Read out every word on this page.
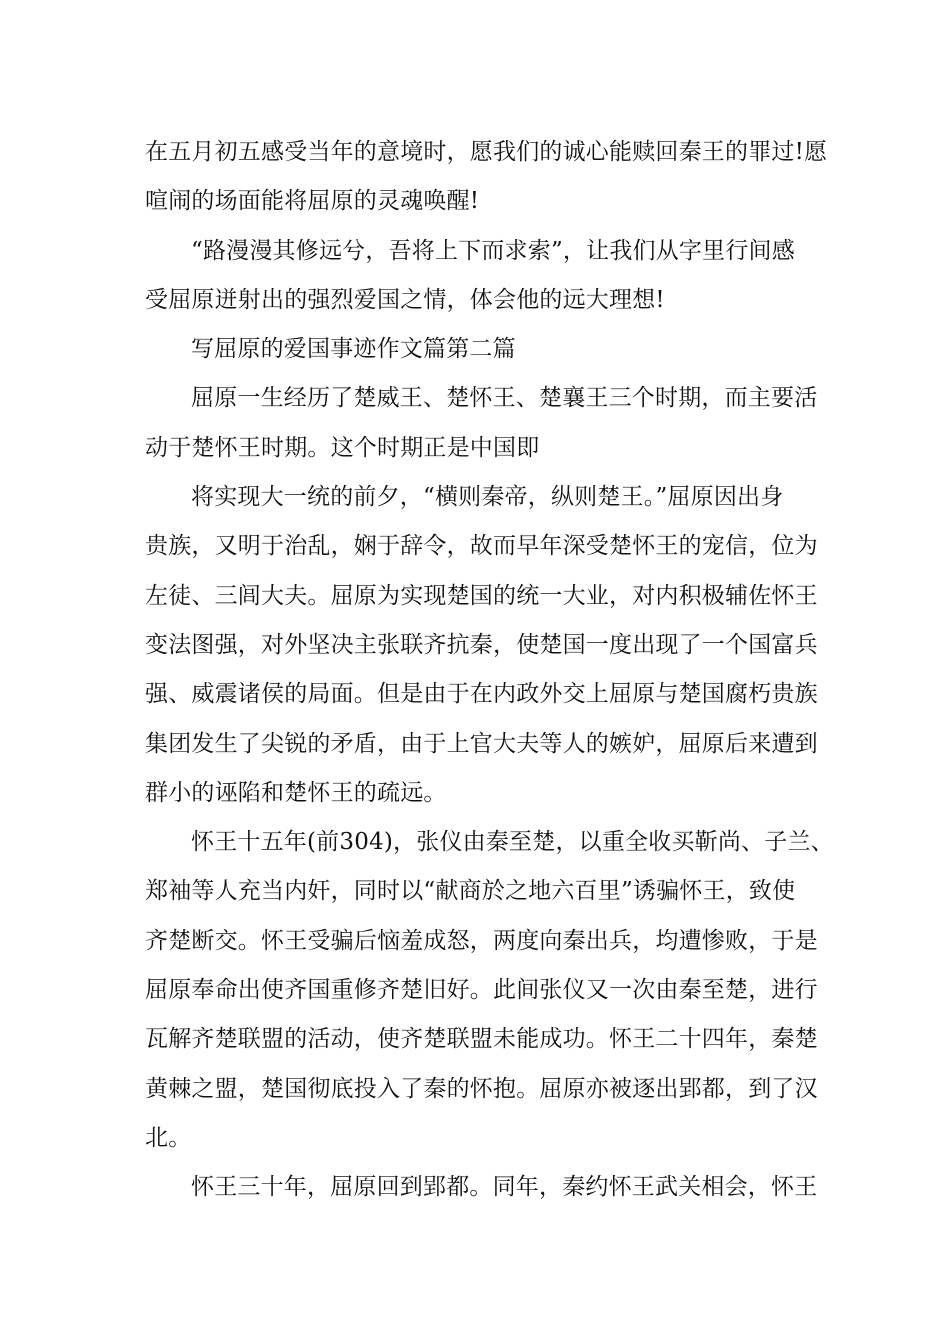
在五月初五感受当年的意境时，愿我们的诚心能赎回秦王的罪过!愿
喧闹的场面能将屈原的灵魂唤醒!
“路漫漫其修远兮，吾将上下而求索”，让我们从字里行间感
受屈原迸射出的强烈爱国之情，体会他的远大理想!
写屈原的爱国事迹作文篇第二篇
屈原一生经历了楚威王、楚怀王、楚襄王三个时期，而主要活
动于楚怀王时期。这个时期正是中国即
将实现大一统的前夕，“横则秦帝，纵则楚王。”屈原因出身
贵族，又明于治乱，娴于辞令，故而早年深受楚怀王的宠信，位为
左徒、三闾大夫。屈原为实现楚国的统一大业，对内积极辅佐怀王
变法图强，对外坚决主张联齐抗秦，使楚国一度出现了一个国富兵
强、威震诸侯的局面。但是由于在内政外交上屈原与楚国腐朽贵族
集团发生了尖锐的矛盾，由于上官大夫等人的嫉妒，屈原后来遭到
群小的诬陷和楚怀王的疏远。
怀王十五年(前304)，张仪由秦至楚，以重全收买靳尚、子兰、
郑袖等人充当内奸，同时以“献商於之地六百里”诱骗怀王，致使
齐楚断交。怀王受骗后恼羞成怒，两度向秦出兵，均遭惨败，于是
屈原奉命出使齐国重修齐楚旧好。此间张仪又一次由秦至楚，进行
瓦解齐楚联盟的活动，使齐楚联盟未能成功。怀王二十四年，秦楚
黄棘之盟，楚国彻底投入了秦的怀抱。屈原亦被逐出郢都，到了汉
北。
怀王三十年，屈原回到郢都。同年，秦约怀王武关相会，怀王
